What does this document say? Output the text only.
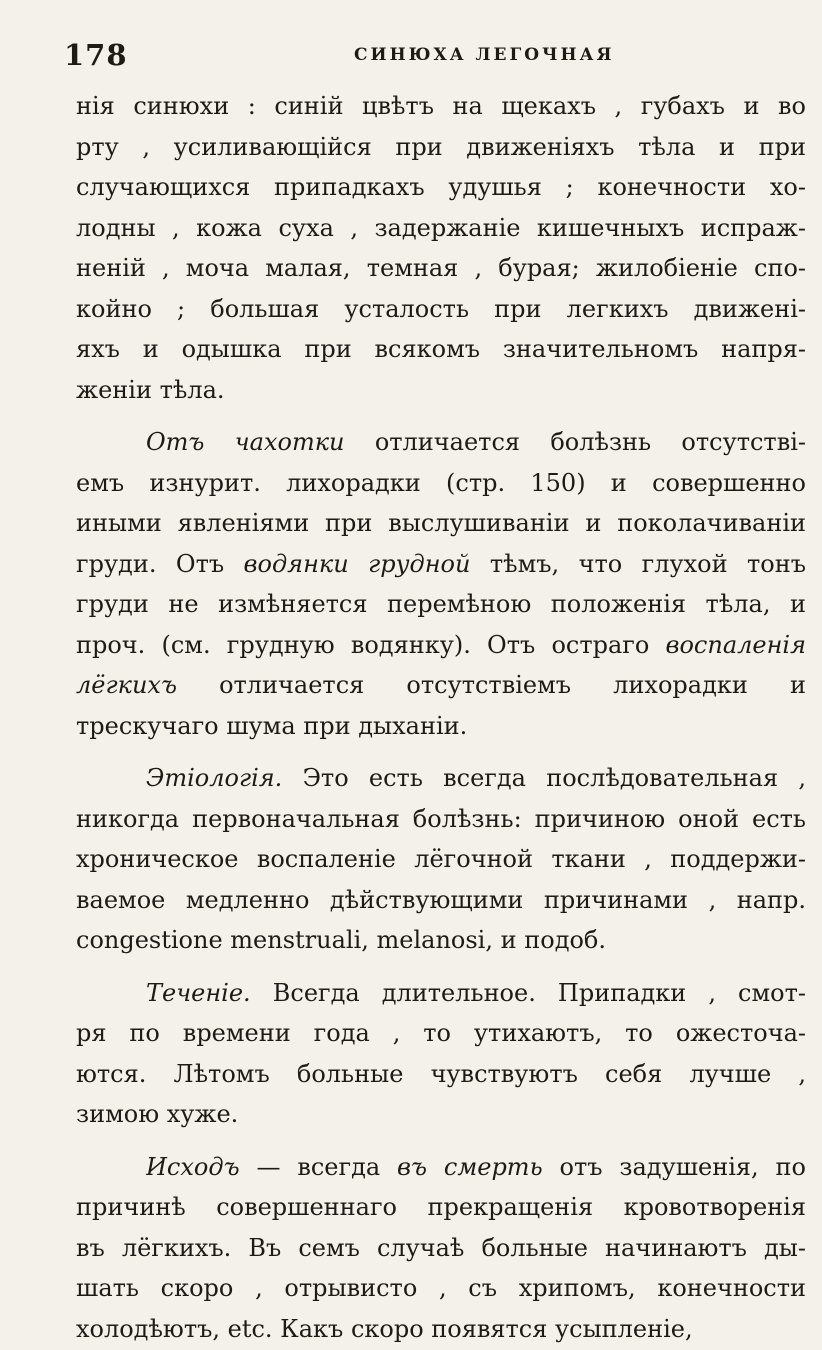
178	СИНЮХА ЛЕГОЧНАЯ
нія синюхи : синій цвѣтъ на щекахъ , губахъ и во
рту , усиливающійся при движеніяхъ тѣла и при
случающихся припадкахъ удушья ; конечности хо-
лодны , кожа суха , задержаніе кишечныхъ испраж-
неній , моча малая, темная , бурая; жилобіеніе спо-
койно ; большая усталость при легкихъ движені-
яхъ и одышка при всякомъ значительномъ напря-
женіи тѣла.
Отъ чахотки отличается болѣзнь отсутстві-
емъ изнурит. лихорадки (стр. 150) и совершенно
иными явленіями при выслушиваніи и поколачиваніи
груди. Отъ водянки грудной тѣмъ, что глухой тонъ
груди не измѣняется перемѣною положенія тѣла, и
проч. (см. грудную водянку). Отъ остраго воспаленія
лёгкихъ отличается отсутствіемъ лихорадки и
трескучаго шума при дыханіи.
Этіологія. Это есть всегда послѣдовательная ,
никогда первоначальная болѣзнь: причиною оной есть
хроническое воспаленіе лёгочной ткани , поддержи-
ваемое медленно дѣйствующими причинами , напр.
congestione menstruali, melanosi, и подоб.
Теченіе. Всегда длительное. Припадки , смот-
ря по времени года , то утихаютъ, то ожесточа-
ются. Лѣтомъ больные чувствуютъ себя лучше ,
зимою хуже.
Исходъ — всегда въ смерть отъ задушенія, по
причинѣ совершеннаго прекращенія кровотворенія
въ лёгкихъ. Въ семъ случаѣ больные начинаютъ ды-
шать скоро , отрывисто , съ хрипомъ, конечности
холодѣютъ, etc. Какъ скоро появятся усыпленіе,
